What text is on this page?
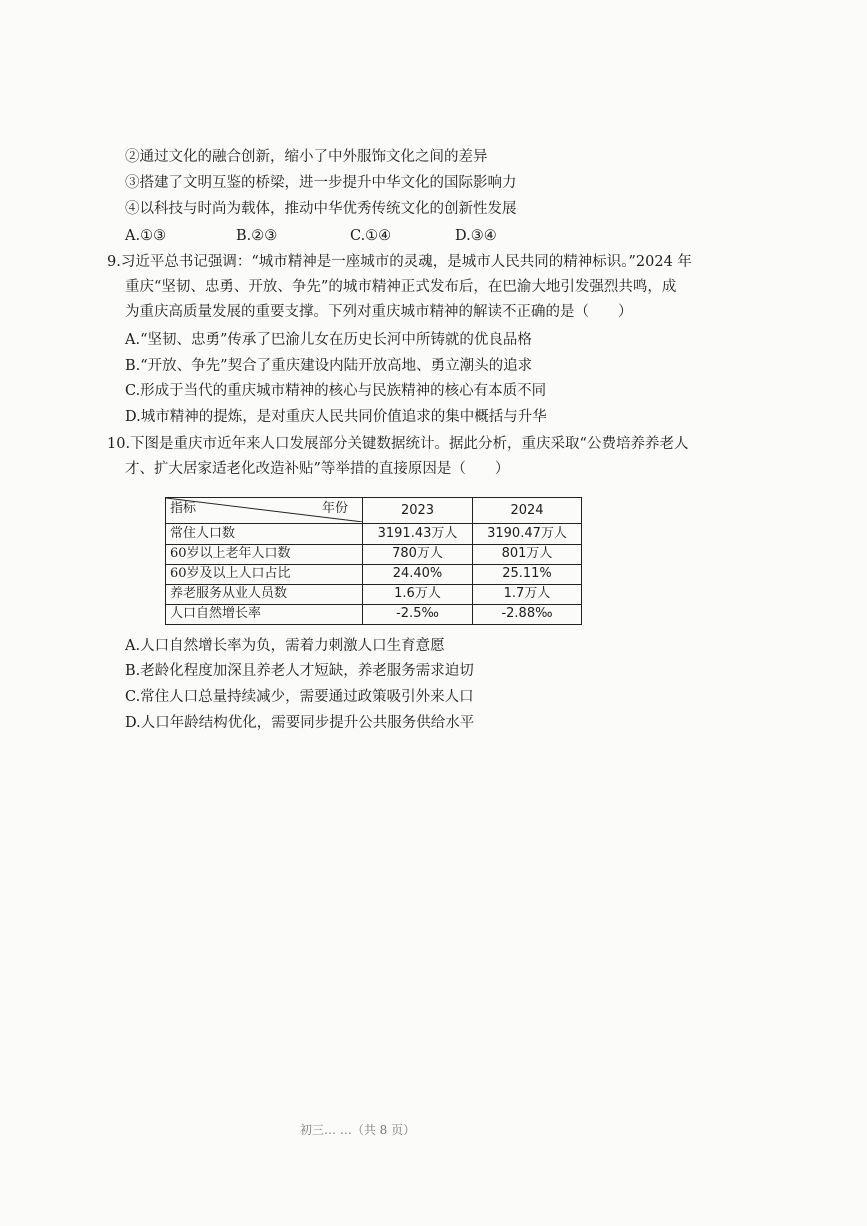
②通过文化的融合创新，缩小了中外服饰文化之间的差异
③搭建了文明互鉴的桥梁，进一步提升中华文化的国际影响力
④以科技与时尚为载体，推动中华优秀传统文化的创新性发展
A.①③	B.②③	C.①④	D.③④
9.习近平总书记强调：“城市精神是一座城市的灵魂，是城市人民共同的精神标识。”2024 年
重庆“坚韧、忠勇、开放、争先”的城市精神正式发布后，在巴渝大地引发强烈共鸣，成
为重庆高质量发展的重要支撑。下列对重庆城市精神的解读不正确的是（　　）
A.“坚韧、忠勇”传承了巴渝儿女在历史长河中所铸就的优良品格
B.“开放、争先”契合了重庆建设内陆开放高地、勇立潮头的追求
C.形成于当代的重庆城市精神的核心与民族精神的核心有本质不同
D.城市精神的提炼，是对重庆人民共同价值追求的集中概括与升华
10.下图是重庆市近年来人口发展部分关键数据统计。据此分析，重庆采取“公费培养养老人
才、扩大居家适老化改造补贴”等举措的直接原因是（　　）
指标 年份	2023	2024
常住人口数	3191.43万人	3190.47万人
60岁以上老年人口数	780万人	801万人
60岁及以上人口占比	24.40%	25.11%
养老服务从业人员数	1.6万人	1.7万人
人口自然增长率	-2.5‰	-2.88‰
A.人口自然增长率为负，需着力刺激人口生育意愿
B.老龄化程度加深且养老人才短缺，养老服务需求迫切
C.常住人口总量持续减少，需要通过政策吸引外来人口
D.人口年龄结构优化，需要同步提升公共服务供给水平
初三… …（共 8 页）
